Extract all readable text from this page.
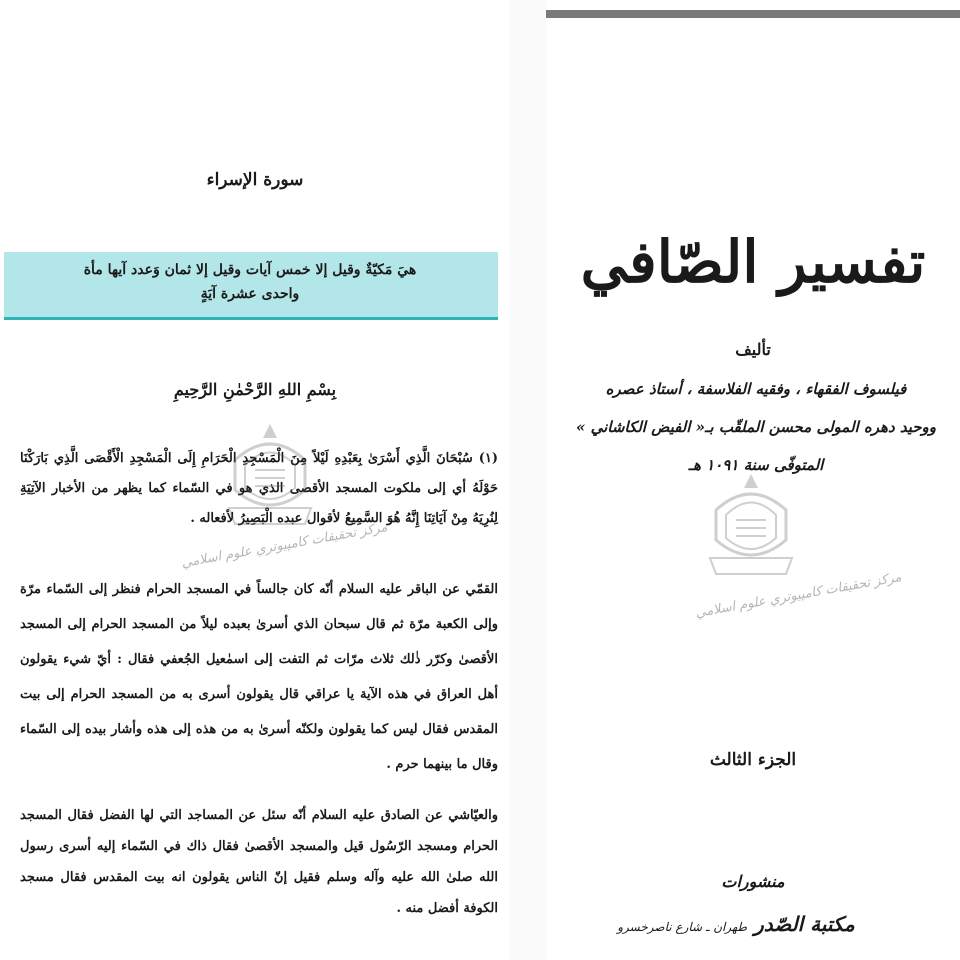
سورة الإسراء
هيَ مَكيّةٌ وقيل إلا خمس آيات وقيل إلا ثمان وَعدد آيها مأة
واحدى عشرة آيَةٍ
بِسْمِ اللهِ الرَّحْمٰنِ الرَّحِيمِ
(١) سُبْحَانَ الَّذِي أَسْرَىٰ بِعَبْدِهِ لَيْلاً مِنَ الْمَسْجِدِ الْحَرَامِ إِلَى الْمَسْجِدِ الْأَقْصَى الَّذِي بَارَكْنَا حَوْلَهُ أي إلى ملكوت المسجد الأقصى الذي هو في السّماء كما يظهر من الأخبار الآتِيَةِ لِنُرِيَهُ مِنْ آيَاتِنَا إِنَّهُ هُوَ السَّمِيعُ لأقوال عبده الْبَصِيرُ لأفعاله .
القمّي عن الباقر عليه السلام أنّه كان جالساً في المسجد الحرام فنظر إلى السّماء مرّة وإلى الكعبة مرّة ثم قال سبحان الذي أسرىٰ بعبده ليلاً من المسجد الحرام إلى المسجد الأقصىٰ وكرّر ذٰلك ثلاث مرّات ثم التفت إلى اسمٰعيل الجُعفي فقال : أيّ شيء يقولون أهل العراق في هذه الآية يا عراقي قال يقولون أسرى به من المسجد الحرام إلى بيت المقدس فقال ليس كما يقولون ولكنّه أسرىٰ به من هذه إلى هذه وأشار بيده إلى السّماء وقال ما بينهما حرم .
والعيّاشي عن الصادق عليه السلام أنّه سئل عن المساجد التي لها الفضل فقال المسجد الحرام ومسجد الرّسُول قيل والمسجد الأقصىٰ فقال ذاك في السّماء إليه أسرى رسول الله صلىٰ الله عليه وآله وسلم فقيل إنّ الناس يقولون انه بيت المقدس فقال مسجد الكوفة أفضل منه .
مركز تحقيقات كامپيوتري علوم اسلامي
تفسير الصّافي
تأليف
فيلسوف الفقهاء ، وفقيه الفلاسفة ، أستاذ عصره
ووحيد دهره المولى محسن الملقّب بـ« الفيض الكاشاني »
المتوفّى سنة ١٠٩١ هـ
مركز تحقيقات كامپيوتري علوم اسلامي
الجزء الثالث
منشورات
مكتبة الصّدر طهران ـ شارع ناصرخسرو
